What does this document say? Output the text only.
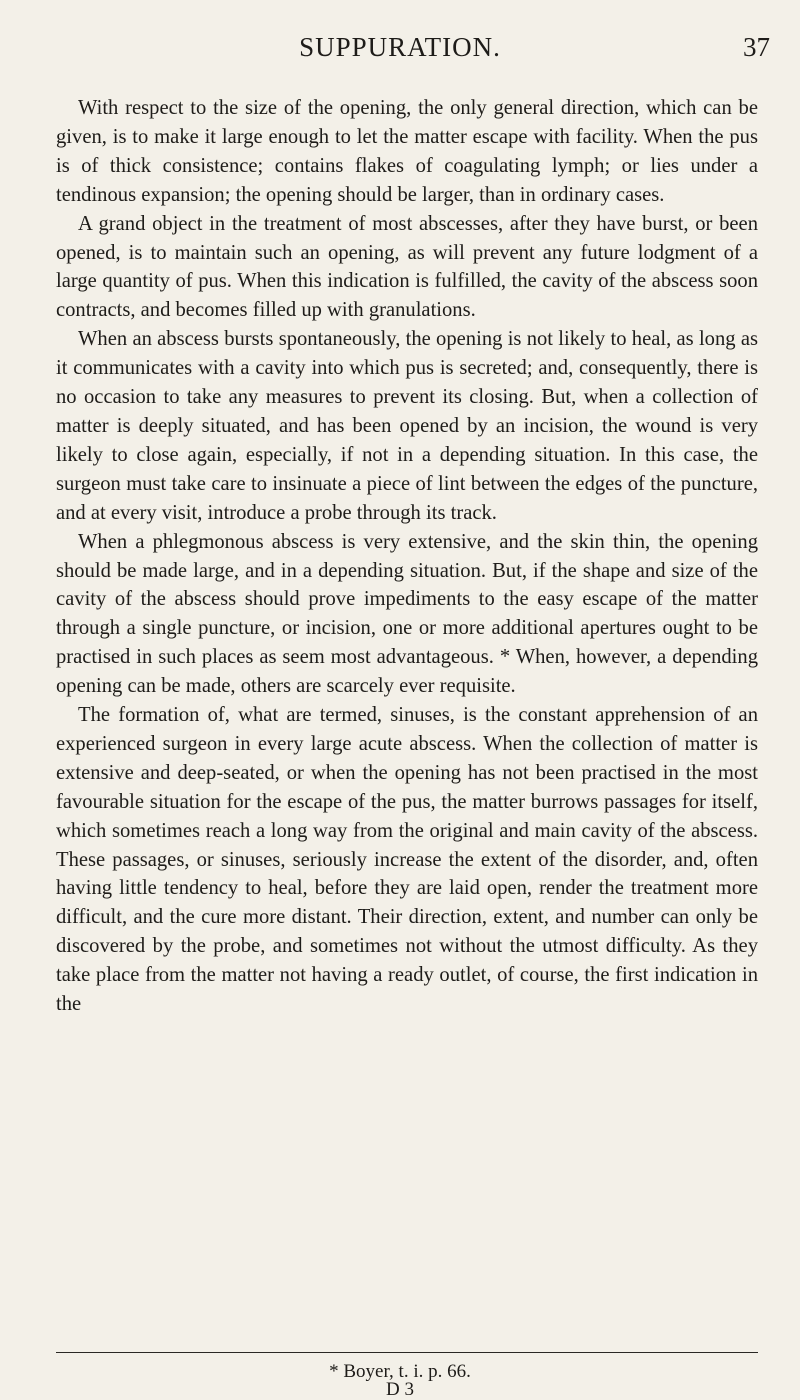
SUPPURATION.	37

With respect to the size of the opening, the only general direction, which can be given, is to make it large enough to let the matter escape with facility. When the pus is of thick consistence; contains flakes of coagulating lymph; or lies under a tendinous expansion; the opening should be larger, than in ordinary cases.

A grand object in the treatment of most abscesses, after they have burst, or been opened, is to maintain such an opening, as will prevent any future lodgment of a large quantity of pus. When this indication is fulfilled, the cavity of the abscess soon contracts, and becomes filled up with granulations.

When an abscess bursts spontaneously, the opening is not likely to heal, as long as it communicates with a cavity into which pus is secreted; and, consequently, there is no occasion to take any measures to prevent its closing. But, when a collection of matter is deeply situated, and has been opened by an incision, the wound is very likely to close again, especially, if not in a depending situation. In this case, the surgeon must take care to insinuate a piece of lint between the edges of the puncture, and at every visit, introduce a probe through its track.

When a phlegmonous abscess is very extensive, and the skin thin, the opening should be made large, and in a depending situation. But, if the shape and size of the cavity of the abscess should prove impediments to the easy escape of the matter through a single puncture, or incision, one or more additional apertures ought to be practised in such places as seem most advantageous. * When, however, a depending opening can be made, others are scarcely ever requisite.

The formation of, what are termed, sinuses, is the constant apprehension of an experienced surgeon in every large acute abscess. When the collection of matter is extensive and deep-seated, or when the opening has not been practised in the most favourable situation for the escape of the pus, the matter burrows passages for itself, which sometimes reach a long way from the original and main cavity of the abscess. These passages, or sinuses, seriously increase the extent of the disorder, and, often having little tendency to heal, before they are laid open, render the treatment more difficult, and the cure more distant. Their direction, extent, and number can only be discovered by the probe, and sometimes not without the utmost difficulty. As they take place from the matter not having a ready outlet, of course, the first indication in the

* Boyer, t. i. p. 66.
D 3
